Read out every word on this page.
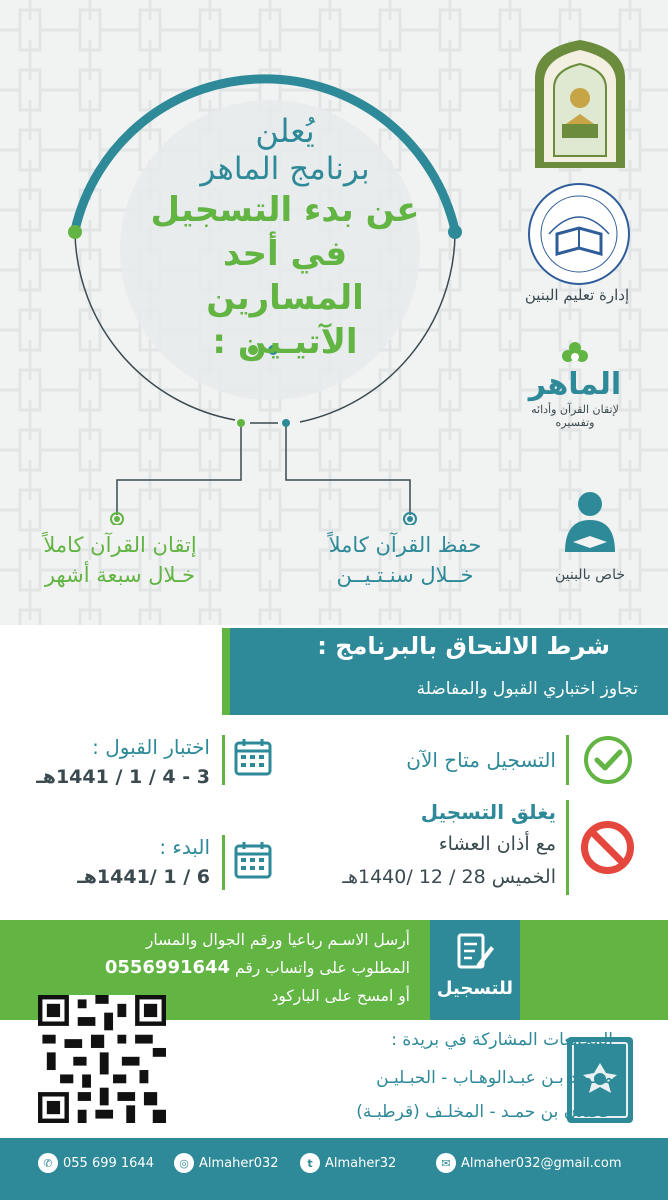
إدارة تعليم البنين
الماهر
لإتقان القرآن وأدائه وتفسيره
يُعلن
برنامج الماهر
عن بدء التسجيل
في أحد المسارين
الآتيـين :
حفظ القرآن كاملاً
خــلال سنـتـيــن
إتقان القرآن كاملاً
خـلال سبعة أشهر	خاص بالبنين
شرط الالتحاق بالبرنامج :
تجاوز اختباري القبول والمفاضلة
التسجيل متاح الآن
يغلق التسجيل
مع أذان العشاء
الخميس 28 / 12 /1440هـ
اختبار القبول :
3 - 4 / 1 / 1441هـ
البدء :
6 / 1 /1441هـ
للتسجيل
أرسل الاسـم رباعيا ورقم الجوال والمسار
المطلوب على واتساب رقم 0556991644
أو امسح على الباركود
المجمعات المشاركة في بريدة :
محمـد بـن عبـدالوهـاب - الحبـليـن
حجيلان بن حمـد - المخلـف (قرطبـة)
✆ 055 699 1644	◎ Almaher032	t Almaher32	✉ Almaher032@gmail.com
